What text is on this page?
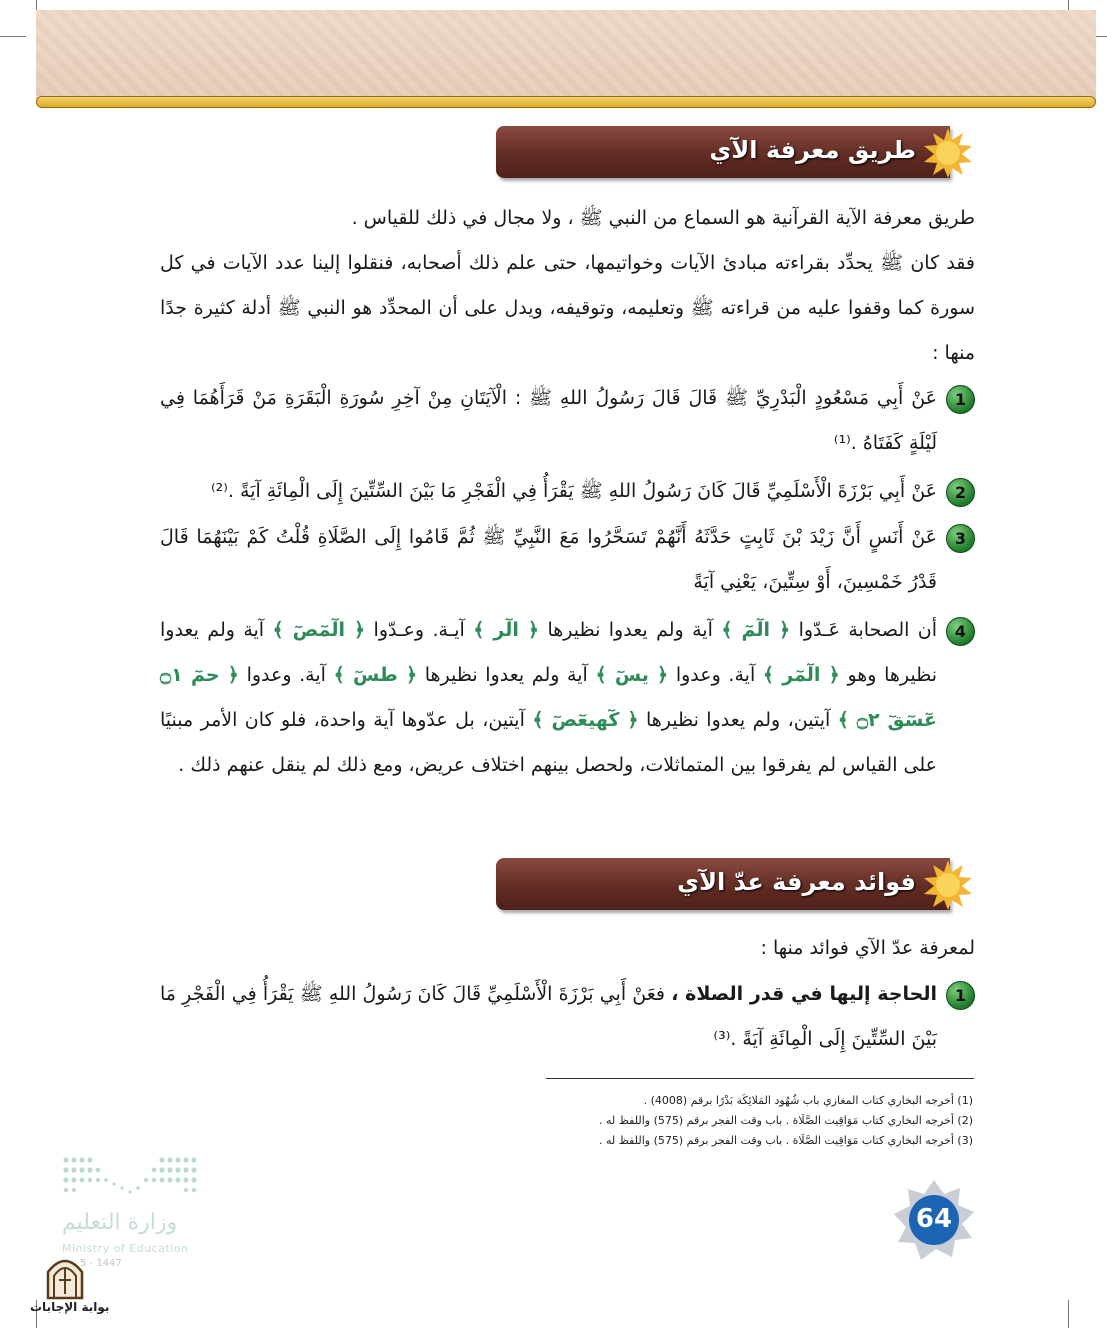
طريق معرفة الآي
طريق معرفة الآية القرآنية هو السماع من النبي ﷺ ، ولا مجال في ذلك للقياس .
فقد كان ﷺ يحدِّد بقراءته مبادئ الآيات وخواتيمها، حتى علم ذلك أصحابه، فنقلوا إلينا عدد الآيات في كل سورة كما وقفوا عليه من قراءته ﷺ وتعليمه، وتوقيفه، ويدل على أن المحدِّد هو النبي ﷺ أدلة كثيرة جدًا منها :
1
عَنْ أَبِي مَسْعُودٍ الْبَدْرِيِّ ﷺ قَالَ قَالَ رَسُولُ اللهِ ﷺ : الْآيَتَانِ مِنْ آخِرِ سُورَةِ الْبَقَرَةِ مَنْ قَرَأَهُمَا فِي لَيْلَةٍ كَفَتَاهُ .⁽¹⁾
2
عَنْ أَبِي بَرْزَةَ الْأَسْلَمِيِّ قَالَ كَانَ رَسُولُ اللهِ ﷺ يَقْرَأُ فِي الْفَجْرِ مَا بَيْنَ السِّتِّينَ إِلَى الْمِائَةِ آيَةً .⁽²⁾
3
عَنْ أَنَسٍ أَنَّ زَيْدَ بْنَ ثَابِتٍ حَدَّثَهُ أَنَّهُمْ تَسَحَّرُوا مَعَ النَّبِيِّ ﷺ ثُمَّ قَامُوا إِلَى الصَّلَاةِ قُلْتُ كَمْ بَيْنَهُمَا قَالَ قَدْرُ خَمْسِينَ، أَوْ سِتِّينَ، يَعْنِي آيَةً
4
أن الصحابة عَـدّوا ﴿ الٓمٓ ﴾ آية ولم يعدوا نظيرها ﴿ الٓر ﴾ آيـة. وعـدّوا ﴿ الٓمٓصٓ ﴾ آية ولم يعدوا نظيرها وهو ﴿ الٓمٓر ﴾ آية. وعدوا ﴿ يسٓ ﴾ آية ولم يعدوا نظيرها ﴿ طسٓ ﴾ آية. وعدوا ﴿ حمٓ ۝١ عٓسٓقٓ ۝٢ ﴾ آيتين، ولم يعدوا نظيرها ﴿ كٓهيعٓصٓ ﴾ آيتين، بل عدّوها آية واحدة، فلو كان الأمر مبنيًا على القياس لم يفرقوا بين المتماثلات، ولحصل بينهم اختلاف عريض، ومع ذلك لم ينقل عنهم ذلك .
فوائد معرفة عدّ الآي
لمعرفة عدّ الآي فوائد منها :
1
الحاجة إليها في قدر الصلاة ، فعَنْ أَبِي بَرْزَةَ الْأَسْلَمِيِّ قَالَ كَانَ رَسُولُ اللهِ ﷺ يَقْرَأُ فِي الْفَجْرِ مَا بَيْنَ السِّتِّينَ إِلَى الْمِائَةِ آيَةً .⁽³⁾
(1) أخرجه البخاري كتاب المغازي باب شُهُود المَلائِكَة بَدْرًا برقم (4008) .
(2) أخرجه البخاري كتاب مَوَاقِيت الصَّلَاة . باب وقت الفجر برقم (575) واللفظ له .
(3) أخرجه البخاري كتاب مَوَاقِيت الصَّلَاة . باب وقت الفجر برقم (575) واللفظ له .
وزارة التعليم
Ministry of Education
5 - 1447
بوابة الإجابات
64
